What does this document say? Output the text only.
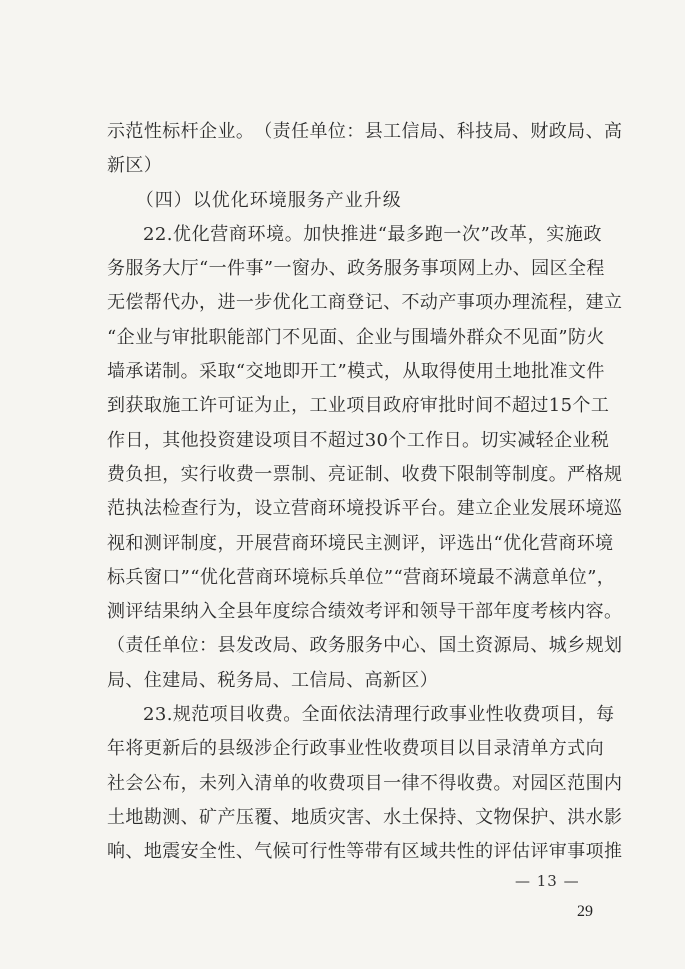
示 范 性 标 杆 企 业 。 （ 责 任 单 位 ： 县 工 信 局 、 科 技 局 、 财 政 局 、 高
新区）
（四）以优化环境服务产业升级
22. 优 化 营 商 环 境 。 加 快 推 进 “ 最 多 跑 一 次 ” 改 革 ， 实 施 政
务 服 务 大 厅 “ 一 件 事 ” 一 窗 办 、 政 务 服 务 事 项 网 上 办 、 园 区 全 程
无 偿 帮 代 办 ， 进 一 步 优 化 工 商 登 记 、 不 动 产 事 项 办 理 流 程 ， 建 立
“ 企 业 与 审 批 职 能 部 门 不 见 面 、 企 业 与 围 墙 外 群 众 不 见 面 ” 防 火
墙 承 诺 制 。 采 取 “ 交 地 即 开 工 ” 模 式 ， 从 取 得 使 用 土 地 批 准 文 件
到 获 取 施 工 许 可 证 为 止 ， 工 业 项 目 政 府 审 批 时 间 不 超 过 15 个 工
作 日 ， 其 他 投 资 建 设 项 目 不 超 过 30 个 工 作 日 。 切 实 减 轻 企 业 税
费 负 担 ， 实 行 收 费 一 票 制 、 亮 证 制 、 收 费 下 限 制 等 制 度 。 严 格 规
范 执 法 检 查 行 为 ， 设 立 营 商 环 境 投 诉 平 台 。 建 立 企 业 发 展 环 境 巡
视 和 测 评 制 度 ， 开 展 营 商 环 境 民 主 测 评 ， 评 选 出 “ 优 化 营 商 环 境
标 兵 窗 口 ” “ 优 化 营 商 环 境 标 兵 单 位 ” “ 营 商 环 境 最 不 满 意 单 位 ” ，
测 评 结 果 纳 入 全 县 年 度 综 合 绩 效 考 评 和 领 导 干 部 年 度 考 核 内 容 。
（ 责 任 单 位 ： 县 发 改 局 、 政 务 服 务 中 心 、 国 土 资 源 局 、 城 乡 规 划
局、住建局、税务局、工信局、高新区）
23. 规 范 项 目 收 费 。 全 面 依 法 清 理 行 政 事 业 性 收 费 项 目 ， 每
年 将 更 新 后 的 县 级 涉 企 行 政 事 业 性 收 费 项 目 以 目 录 清 单 方 式 向
社 会 公 布 ， 未 列 入 清 单 的 收 费 项 目 一 律 不 得 收 费 。 对 园 区 范 围 内
土 地 勘 测 、 矿 产 压 覆 、 地 质 灾 害 、 水 土 保 持 、 文 物 保 护 、 洪 水 影
响 、 地 震 安 全 性 、 气 候 可 行 性 等 带 有 区 域 共 性 的 评 估 评 审 事 项 推
— 13 —
29
